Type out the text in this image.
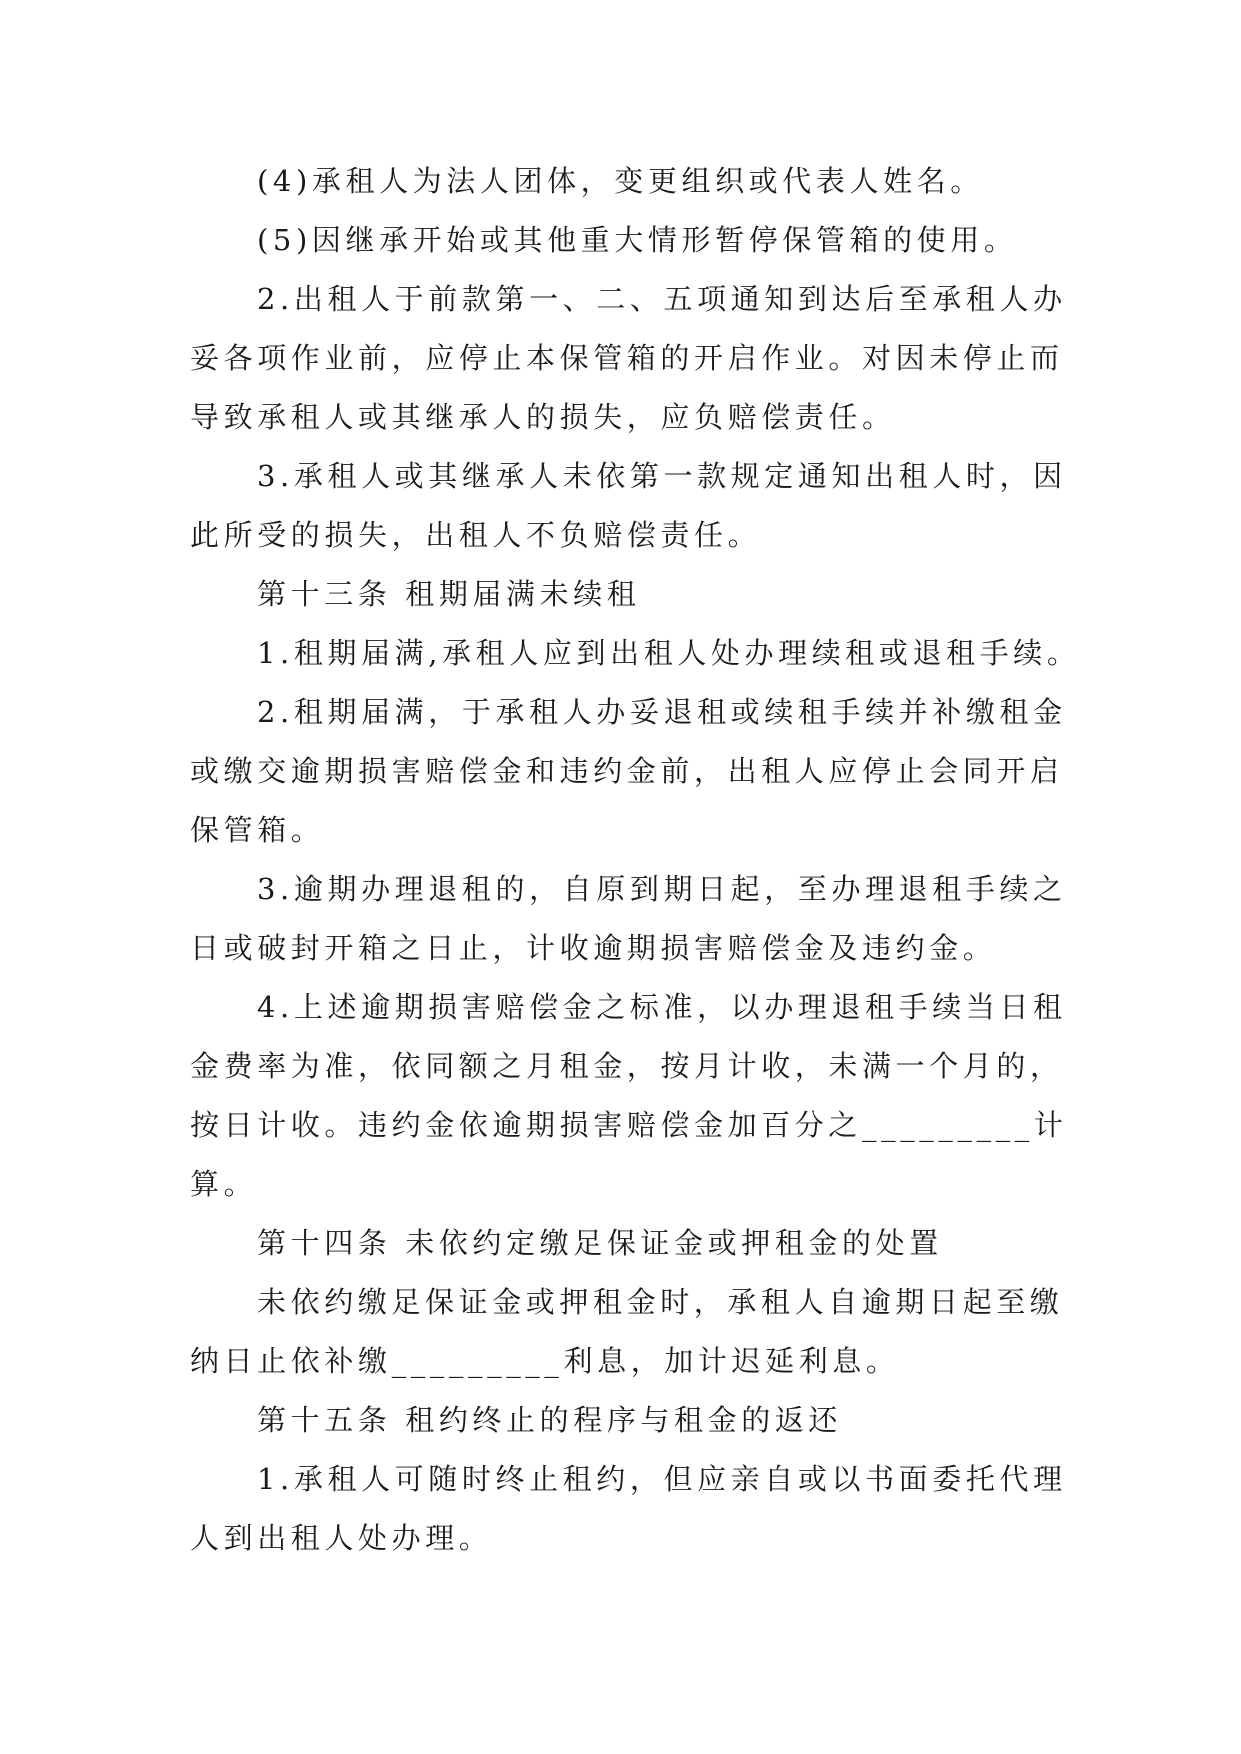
(4)承租人为法人团体，变更组织或代表人姓名。
(5)因继承开始或其他重大情形暂停保管箱的使用。
2.出租人于前款第一、二、五项通知到达后至承租人办
妥各项作业前，应停止本保管箱的开启作业。对因未停止而
导致承租人或其继承人的损失，应负赔偿责任。
3.承租人或其继承人未依第一款规定通知出租人时，因
此所受的损失，出租人不负赔偿责任。
第十三条 租期届满未续租
1.租期届满,承租人应到出租人处办理续租或退租手续。
2.租期届满，于承租人办妥退租或续租手续并补缴租金
或缴交逾期损害赔偿金和违约金前，出租人应停止会同开启
保管箱。
3.逾期办理退租的，自原到期日起，至办理退租手续之
日或破封开箱之日止，计收逾期损害赔偿金及违约金。
4.上述逾期损害赔偿金之标准，以办理退租手续当日租
金费率为准，依同额之月租金，按月计收，未满一个月的，
按日计收。违约金依逾期损害赔偿金加百分之_________计
算。
第十四条 未依约定缴足保证金或押租金的处置
未依约缴足保证金或押租金时，承租人自逾期日起至缴
纳日止依补缴_________利息，加计迟延利息。
第十五条 租约终止的程序与租金的返还
1.承租人可随时终止租约，但应亲自或以书面委托代理
人到出租人处办理。
